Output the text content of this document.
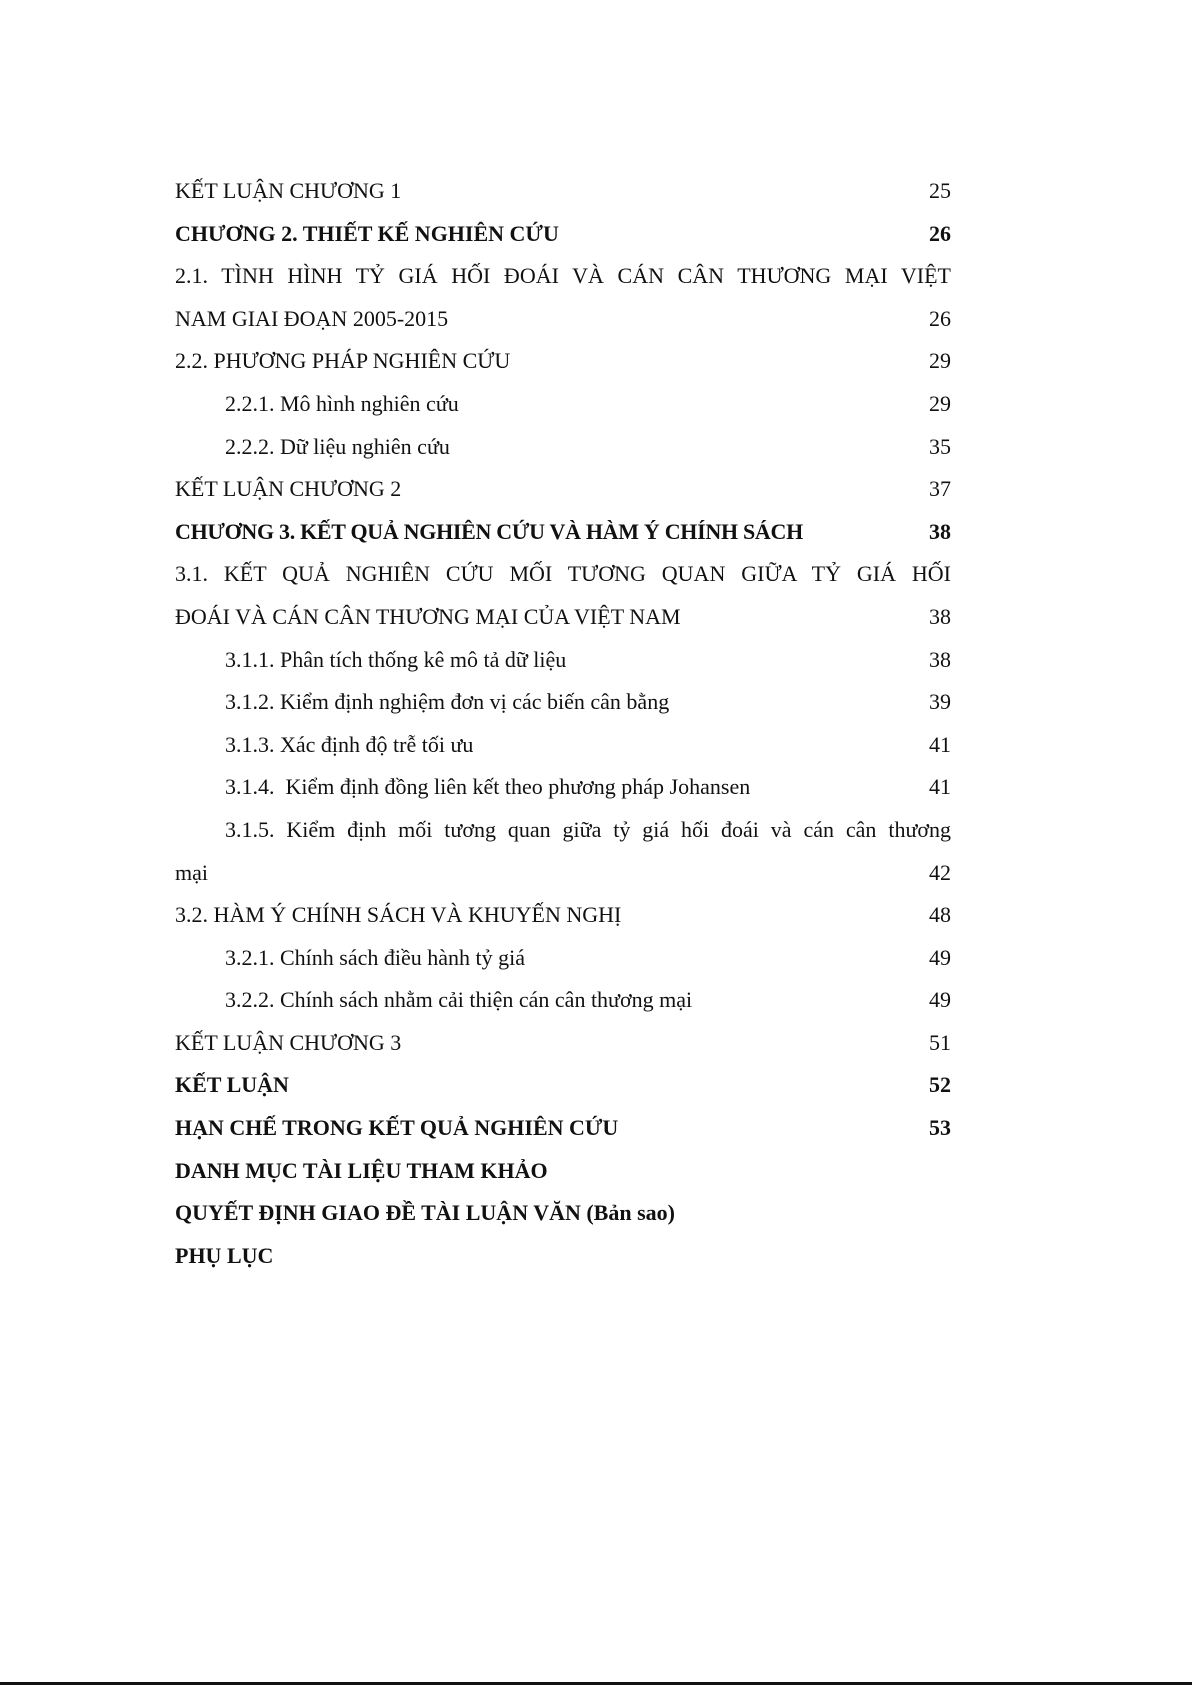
KẾT LUẬN CHƯƠNG 1	25
CHƯƠNG 2. THIẾT KẾ NGHIÊN CỨU	26
2.1. TÌNH HÌNH TỶ GIÁ HỐI ĐOÁI VÀ CÁN CÂN THƯƠNG MẠI VIỆT
NAM GIAI ĐOẠN 2005-2015	26
2.2. PHƯƠNG PHÁP NGHIÊN CỨU	29
2.2.1. Mô hình nghiên cứu	29
2.2.2. Dữ liệu nghiên cứu	35
KẾT LUẬN CHƯƠNG 2	37
CHƯƠNG 3. KẾT QUẢ NGHIÊN CỨU VÀ HÀM Ý CHÍNH SÁCH	38
3.1. KẾT QUẢ NGHIÊN CỨU MỐI TƯƠNG QUAN GIỮA TỶ GIÁ HỐI
ĐOÁI VÀ CÁN CÂN THƯƠNG MẠI CỦA VIỆT NAM	38
3.1.1. Phân tích thống kê mô tả dữ liệu	38
3.1.2. Kiểm định nghiệm đơn vị các biến cân bằng	39
3.1.3. Xác định độ trễ tối ưu	41
3.1.4.  Kiểm định đồng liên kết theo phương pháp Johansen	41
3.1.5. Kiểm định mối tương quan giữa tỷ giá hối đoái và cán cân thương
mại	42
3.2. HÀM Ý CHÍNH SÁCH VÀ KHUYẾN NGHỊ	48
3.2.1. Chính sách điều hành tỷ giá	49
3.2.2. Chính sách nhằm cải thiện cán cân thương mại	49
KẾT LUẬN CHƯƠNG 3	51
KẾT LUẬN	52
HẠN CHẾ TRONG KẾT QUẢ NGHIÊN CỨU	53
DANH MỤC TÀI LIỆU THAM KHẢO
QUYẾT ĐỊNH GIAO ĐỀ TÀI LUẬN VĂN (Bản sao)
PHỤ LỤC
